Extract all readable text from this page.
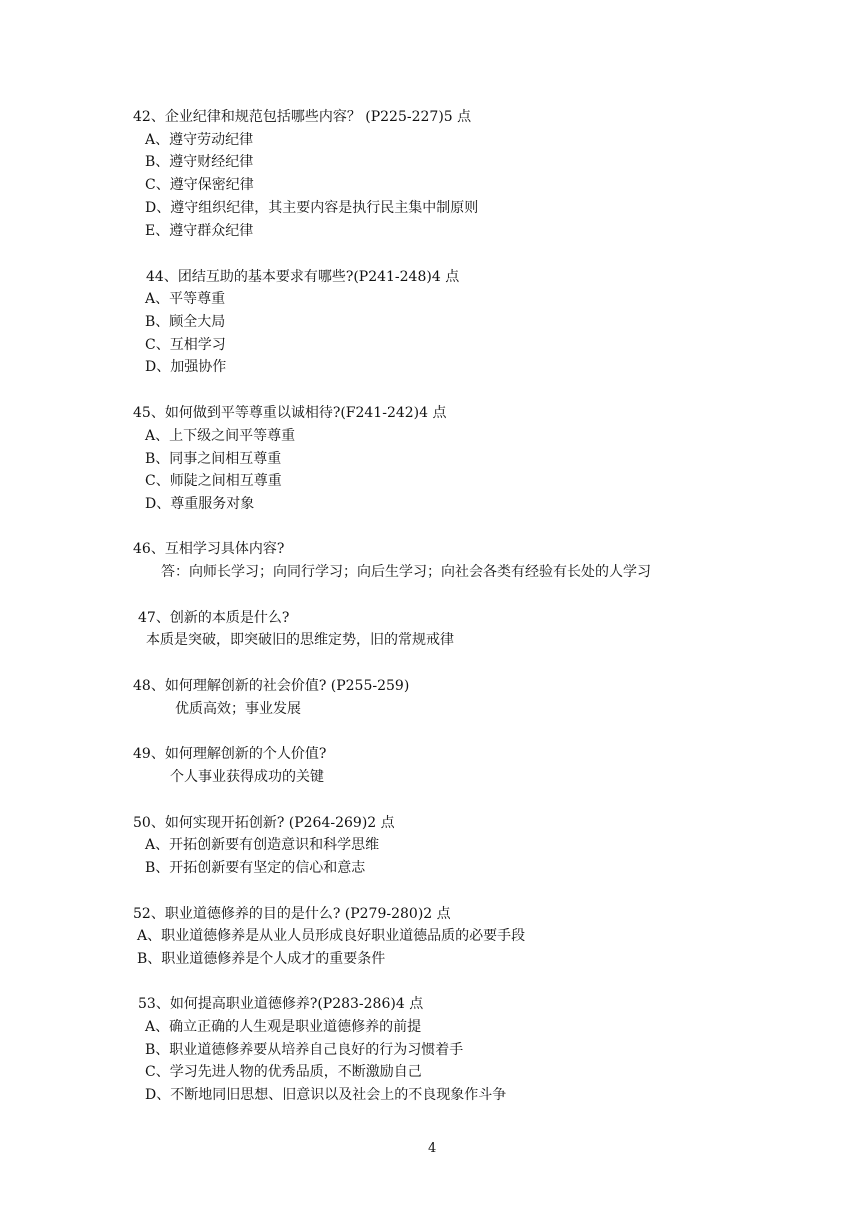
42、企业纪律和规范包括哪些内容？ (P225-227)5 点
A、遵守劳动纪律
B、遵守财经纪律
C、遵守保密纪律
D、遵守组织纪律，其主要内容是执行民主集中制原则
E、遵守群众纪律
44、团结互助的基本要求有哪些?(P241-248)4 点
A、平等尊重
B、顾全大局
C、互相学习
D、加强协作
45、如何做到平等尊重以诚相待?(F241-242)4 点
A、上下级之间平等尊重
B、同事之间相互尊重
C、师陡之间相互尊重
D、尊重服务对象
46、互相学习具体内容?
答：向师长学习；向同行学习；向后生学习；向社会各类有经验有长处的人学习
47、创新的本质是什么?
本质是突破，即突破旧的思维定势，旧的常规戒律
48、如何理解创新的社会价值? (P255-259)
优质高效；事业发展
49、如何理解创新的个人价值?
个人事业获得成功的关键
50、如何实现开拓创新? (P264-269)2 点
A、开拓创新要有创造意识和科学思维
B、开拓创新要有坚定的信心和意志
52、职业道德修养的目的是什么? (P279-280)2 点
A、职业道德修养是从业人员形成良好职业道德品质的必要手段
B、职业道德修养是个人成才的重要条件
53、如何提高职业道德修养?(P283-286)4 点
A、确立正确的人生观是职业道德修养的前提
B、职业道德修养要从培养自己良好的行为习惯着手
C、学习先进人物的优秀品质，不断激励自己
D、不断地同旧思想、旧意识以及社会上的不良现象作斗争
4
